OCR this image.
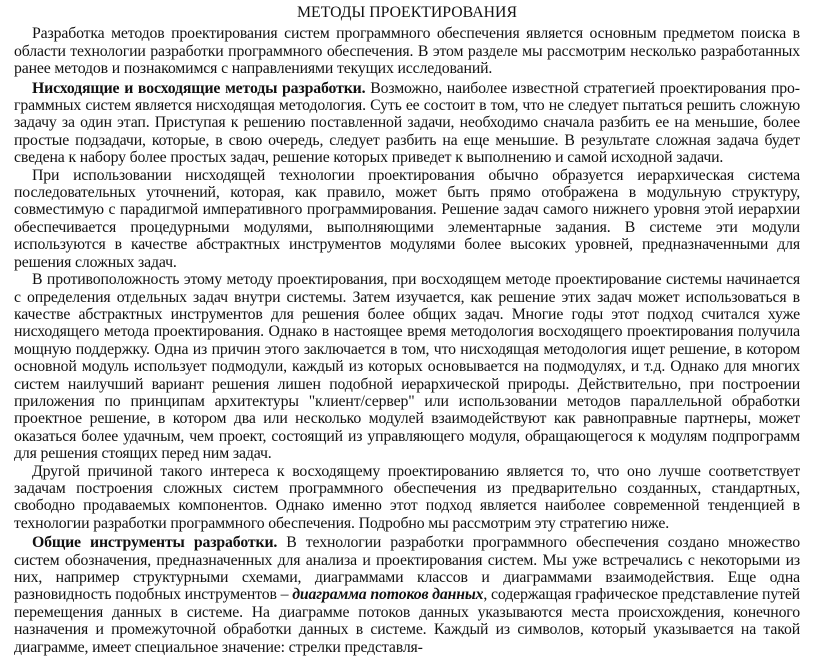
МЕТОДЫ ПРОЕКТИРОВАНИЯ

Разработка методов проектирования систем программного обеспечения является основным предметом поиска в области технологии разработки программного обеспечения. В этом разделе мы рассмотрим несколько разработанных ранее методов и познакомимся с направлениями текущих исследований.

Нисходящие и восходящие методы разработки. Возможно, наиболее известной стратегией проектирования программных систем является нисходящая методология. Суть ее состоит в том, что не следует пытаться решить сложную задачу за один этап. Приступая к решению поставленной задачи, необходимо сначала разбить ее на меньшие, более простые подзадачи, которые, в свою очередь, следует разбить на еще меньшие. В результате сложная задача будет сведена к набору более простых задач, решение которых приведет к выполнению и самой исходной задачи.

При использовании нисходящей технологии проектирования обычно образуется иерархическая система последовательных уточнений, которая, как правило, может быть прямо отображена в модульную структуру, совместимую с парадигмой императивного программирования. Решение задач самого нижнего уровня этой иерархии обеспечивается процедурными модулями, выполняющими элементарные задания. В системе эти модули используются в качестве абстрактных инструментов модулями более высоких уровней, предназначенными для решения сложных задач.

В противоположность этому методу проектирования, при восходящем методе проектирование системы начинается с определения отдельных задач внутри системы. Затем изучается, как решение этих задач может использоваться в качестве абстрактных инструментов для решения более общих задач. Многие годы этот подход считался хуже нисходящего метода проектирования. Однако в настоящее время методология восходящего проектирования получила мощную поддержку. Одна из причин этого заключается в том, что нисходящая методология ищет решение, в котором основной модуль использует подмодули, каждый из которых основывается на подмодулях, и т.д. Однако для многих систем наилучший вариант решения лишен подобной иерархической природы. Действительно, при построении приложения по принципам архитектуры "клиент/сервер" или использовании методов параллельной обработки проектное решение, в котором два или несколько модулей взаимодействуют как равноправные партнеры, может оказаться более удачным, чем проект, состоящий из управляющего модуля, обращающегося к модулям подпрограмм для решения стоящих перед ним задач.

Другой причиной такого интереса к восходящему проектированию является то, что оно лучше соответствует задачам построения сложных систем программного обеспечения из предварительно созданных, стандартных, свободно продаваемых компонентов. Однако именно этот подход является наиболее современной тенденцией в технологии разработки программного обеспечения. Подробно мы рассмотрим эту стратегию ниже.

Общие инструменты разработки. В технологии разработки программного обеспечения создано множество систем обозначения, предназначенных для анализа и проектирования систем. Мы уже встречались с некоторыми из них, например структурными схемами, диаграммами классов и диаграммами взаимодействия. Еще одна разновидность подобных инструментов – диаграмма потоков данных, содержащая графическое представление путей перемещения данных в системе. На диаграмме потоков данных указываются места происхождения, конечного назначения и промежуточной обработки данных в системе. Каждый из символов, который указывается на такой диаграмме, имеет специальное значение: стрелки представля-
